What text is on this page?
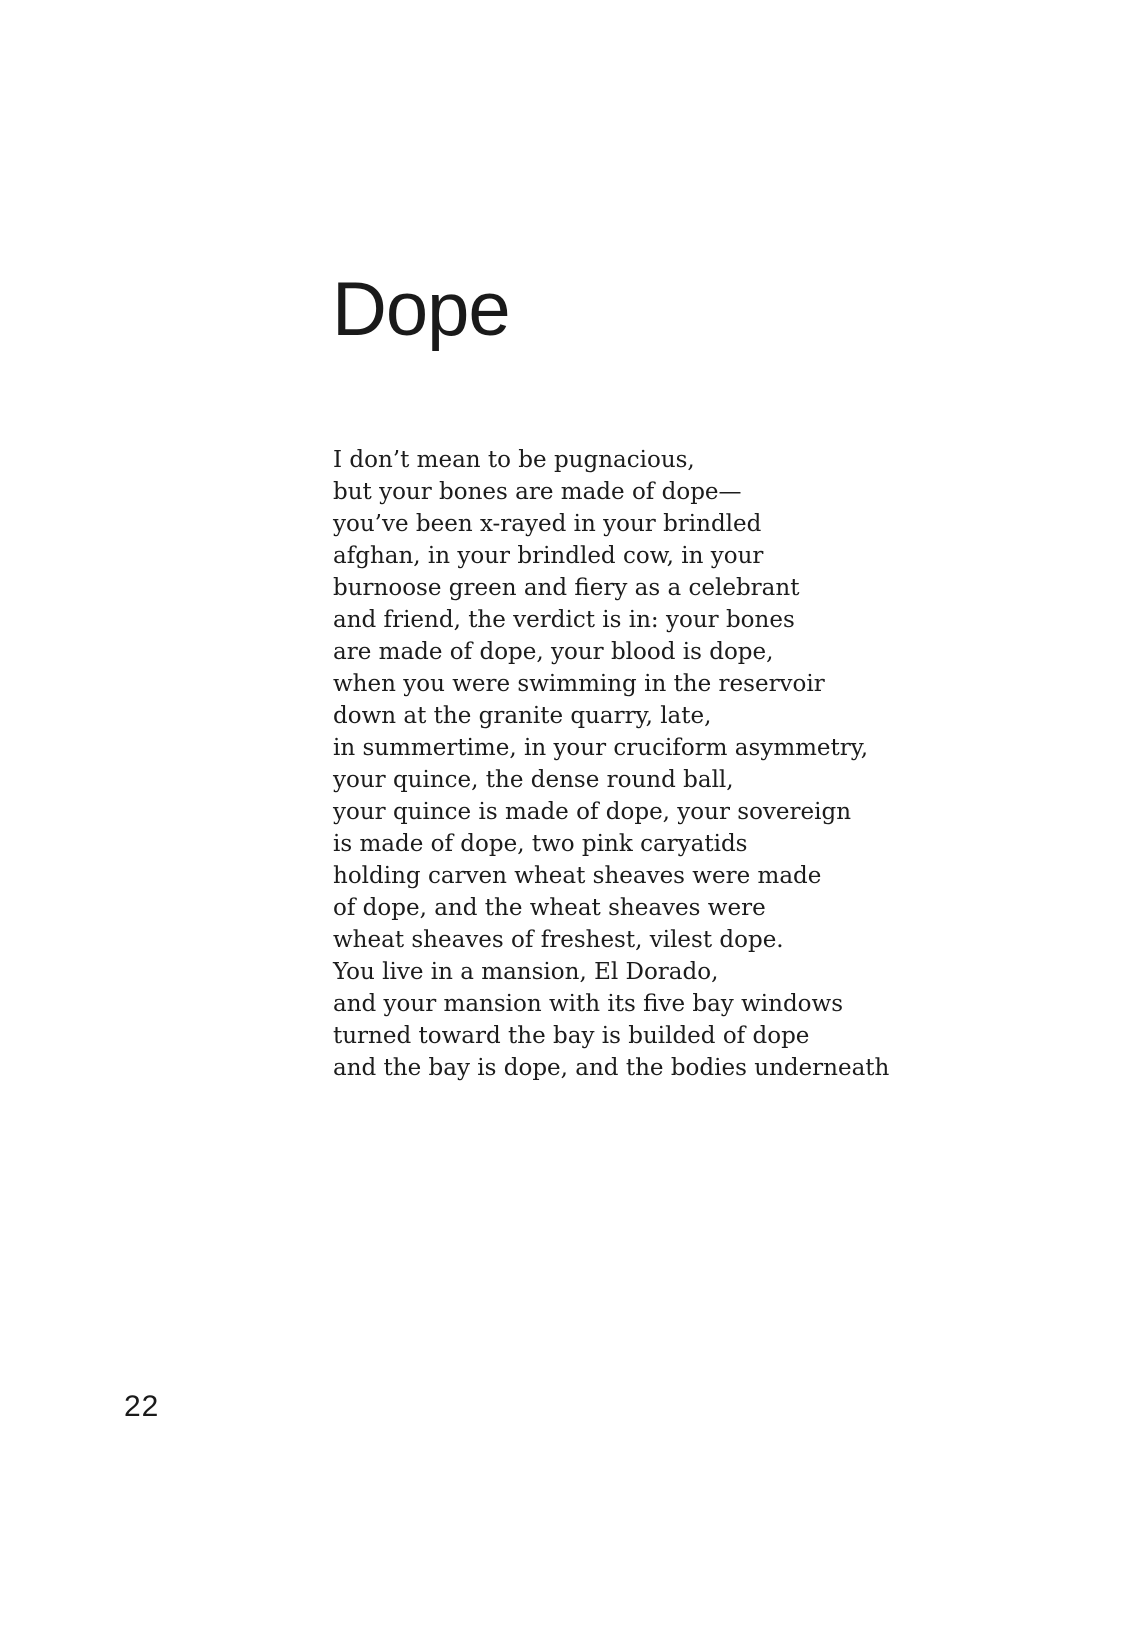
Dope
I don’t mean to be pugnacious,
but your bones are made of dope—
you’ve been x-rayed in your brindled
afghan, in your brindled cow, in your
burnoose green and fiery as a celebrant
and friend, the verdict is in: your bones
are made of dope, your blood is dope,
when you were swimming in the reservoir
down at the granite quarry, late,
in summertime, in your cruciform asymmetry,
your quince, the dense round ball,
your quince is made of dope, your sovereign
is made of dope, two pink caryatids
holding carven wheat sheaves were made
of dope, and the wheat sheaves were
wheat sheaves of freshest, vilest dope.
You live in a mansion, El Dorado,
and your mansion with its five bay windows
turned toward the bay is builded of dope
and the bay is dope, and the bodies underneath

22
